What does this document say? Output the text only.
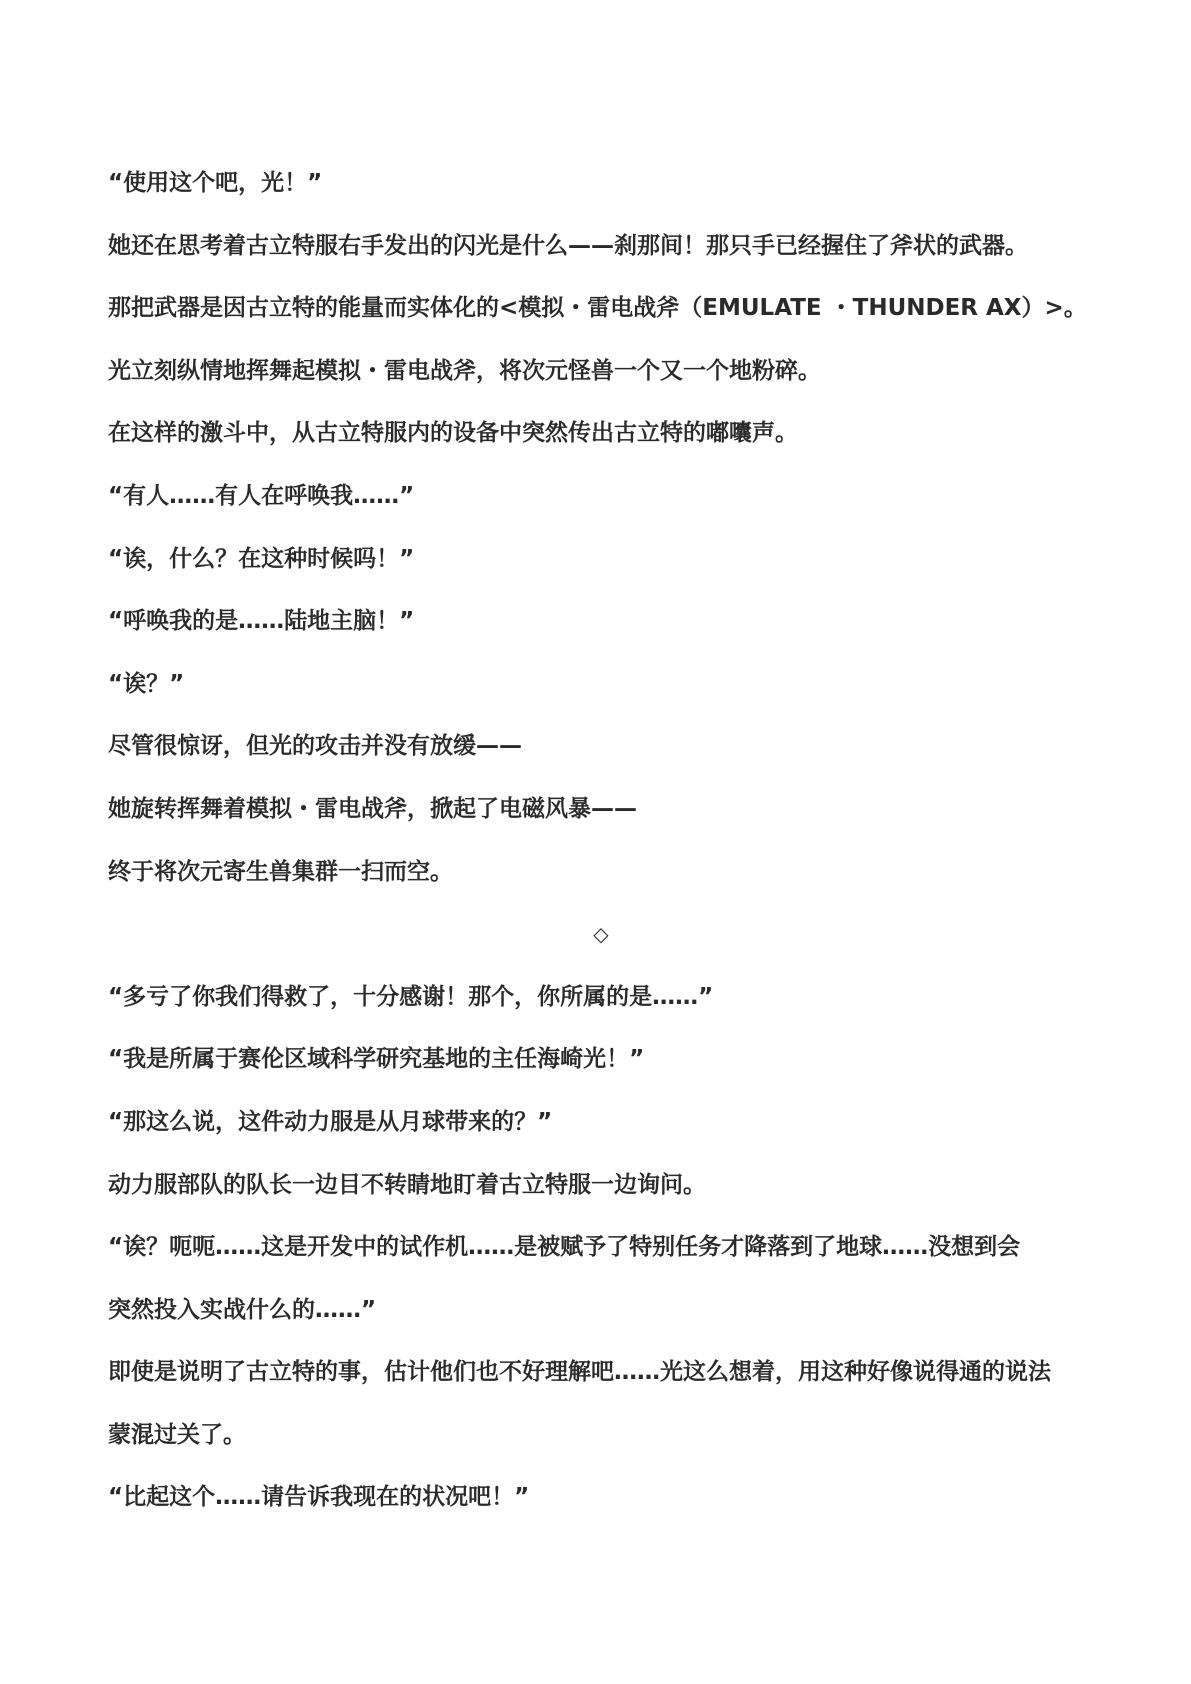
“使用这个吧，光！”
她还在思考着古立特服右手发出的闪光是什么——刹那间！那只手已经握住了斧状的武器。
那把武器是因古立特的能量而实体化的<模拟・雷电战斧（EMULATE ・THUNDER AX）>。
光立刻纵情地挥舞起模拟・雷电战斧，将次元怪兽一个又一个地粉碎。
在这样的激斗中，从古立特服内的设备中突然传出古立特的嘟囔声。
“有人……有人在呼唤我……”
“诶，什么？在这种时候吗！”
“呼唤我的是……陆地主脑！”
“诶？”
尽管很惊讶，但光的攻击并没有放缓——
她旋转挥舞着模拟・雷电战斧，掀起了电磁风暴——
终于将次元寄生兽集群一扫而空。
◇
“多亏了你我们得救了，十分感谢！那个，你所属的是……”
“我是所属于赛伦区域科学研究基地的主任海崎光！”
“那这么说，这件动力服是从月球带来的？”
动力服部队的队长一边目不转睛地盯着古立特服一边询问。
“诶？呃呃……这是开发中的试作机……是被赋予了特别任务才降落到了地球……没想到会
突然投入实战什么的……”
即使是说明了古立特的事，估计他们也不好理解吧……光这么想着，用这种好像说得通的说法
蒙混过关了。
“比起这个……请告诉我现在的状况吧！”
